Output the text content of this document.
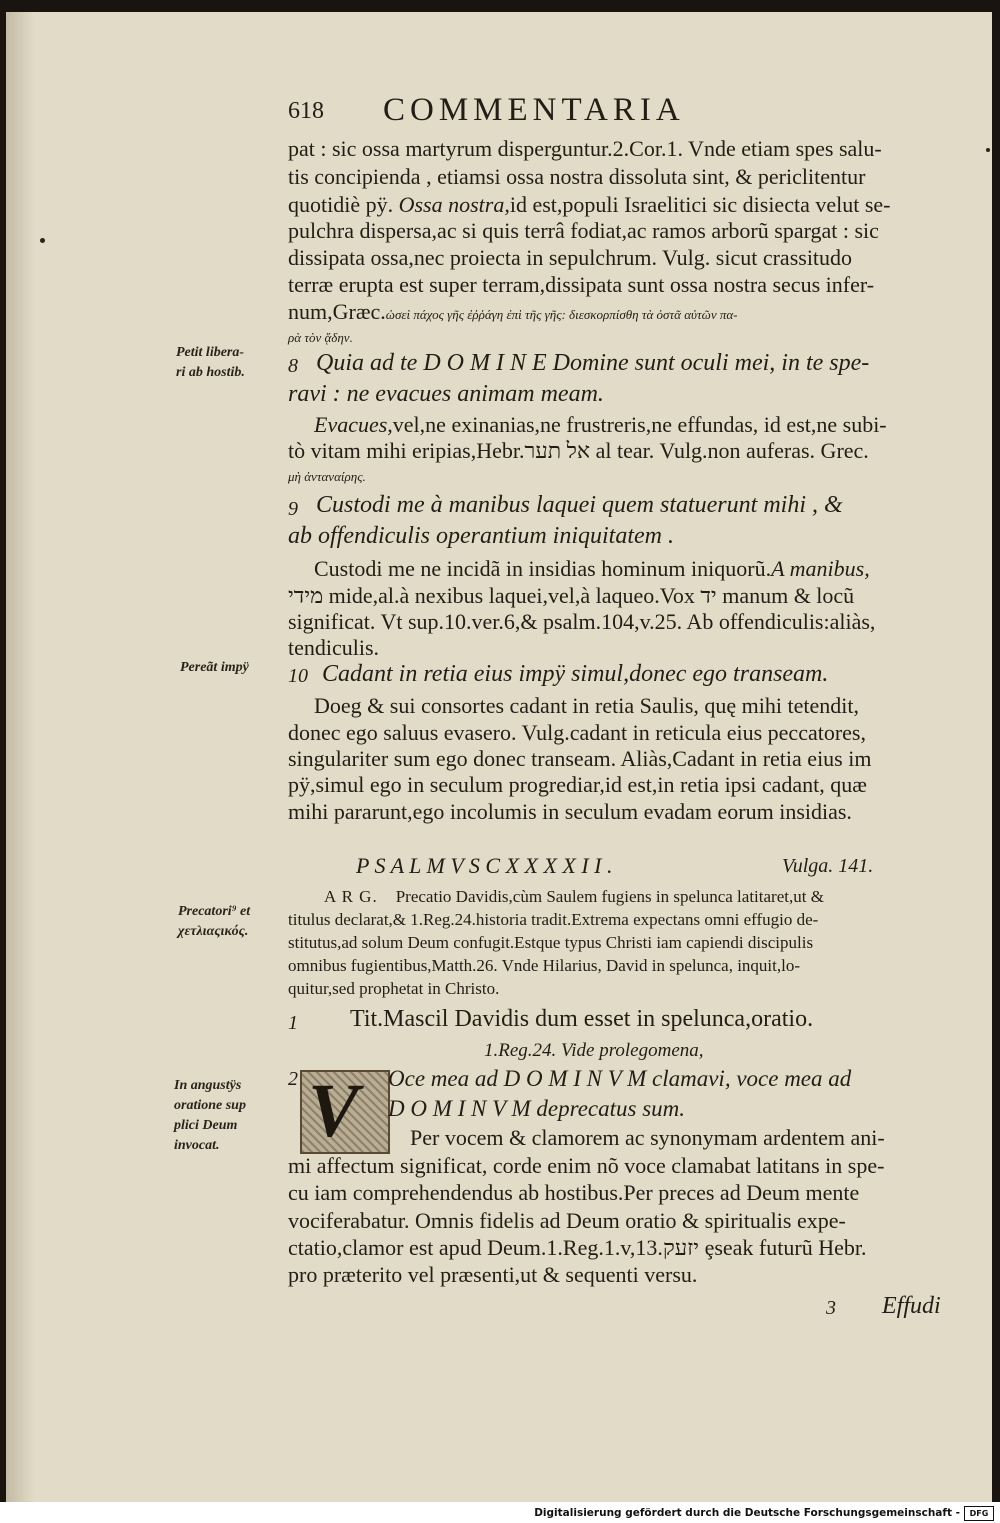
618 COMMENTARIA
Petit libera-
ri ab hostib.
Pereãt impÿ
Precatori⁹ et
χετλιαςικός.
In angustÿs
oratione sup
plici Deum
invocat.
8
9
10
1
2
3
pat : sic ossa martyrum disperguntur.2.Cor.1. Vnde etiam spes salu-
tis concipienda , etiamsi ossa nostra dissoluta sint, & periclitentur
quotidiè pÿ. Ossa nostra,id est,populi Israelitici sic disiecta velut se-
pulchra dispersa,ac si quis terrâ fodiat,ac ramos arborũ spargat : sic
dissipata ossa,nec proiecta in sepulchrum. Vulg. sicut crassitudo
terræ erupta est super terram,dissipata sunt ossa nostra secus infer-
num,Græc.ὡσεὶ πάχος γῆς ἐῤῥάγη ἐπὶ τῆς γῆς: διεσκορπίσθη τὰ ὀστᾶ αὐτῶν πα-
ρὰ τὸν ᾅδην.
Quia ad te D O M I N E Domine sunt oculi mei, in te spe-
ravi : ne evacues animam meam.
Evacues,vel,ne exinanias,ne frustreris,ne effundas, id est,ne subi-
tò vitam mihi eripias,Hebr.אל תער al tear. Vulg.non auferas. Grec.
μὴ ἀνταναίρης.
Custodi me à manibus laquei quem statuerunt mihi , &
ab offendiculis operantium iniquitatem .
Custodi me ne incidã in insidias hominum iniquorũ.A manibus,
מידי mide,al.à nexibus laquei,vel,à laqueo.Vox יד manum & locũ
significat. Vt sup.10.ver.6,& psalm.104,v.25. Ab offendiculis:aliàs,
tendiculis.
Cadant in retia eius impÿ simul,donec ego transeam.
Doeg & sui consortes cadant in retia Saulis, quę mihi tetendit,
donec ego saluus evasero. Vulg.cadant in reticula eius peccatores,
singulariter sum ego donec transeam. Aliàs,Cadant in retia eius im
pÿ,simul ego in seculum progrediar,id est,in retia ipsi cadant, quæ
mihi pararunt,ego incolumis in seculum evadam eorum insidias.
P S A L M V S C X X X X I I .	Vulga. 141.
A R G. Precatio Davidis,cùm Saulem fugiens in spelunca latitaret,ut &
titulus declarat,& 1.Reg.24.historia tradit.Extrema expectans omni effugio de-
stitutus,ad solum Deum confugit.Estque typus Christi iam capiendi discipulis
omnibus fugientibus,Matth.26. Vnde Hilarius, David in spelunca, inquit,lo-
quitur,sed prophetat in Christo.
Tit.Mascil Davidis dum esset in spelunca,oratio.
1.Reg.24. Vide prolegomena,
V Oce mea ad D O M I N V M clamavi, voce mea ad
D O M I N V M deprecatus sum.
Per vocem & clamorem ac synonymam ardentem ani-
mi affectum significat, corde enim nõ voce clamabat latitans in spe-
cu iam comprehendendus ab hostibus.Per preces ad Deum mente
vociferabatur. Omnis fidelis ad Deum oratio & spiritualis expe-
ctatio,clamor est apud Deum.1.Reg.1.v,13.יזעק ȩseak futurũ Hebr.
pro præterito vel præsenti,ut & sequenti versu.
Effudi
Digitalisierung gefördert durch die Deutsche Forschungsgemeinschaft -	DFG
